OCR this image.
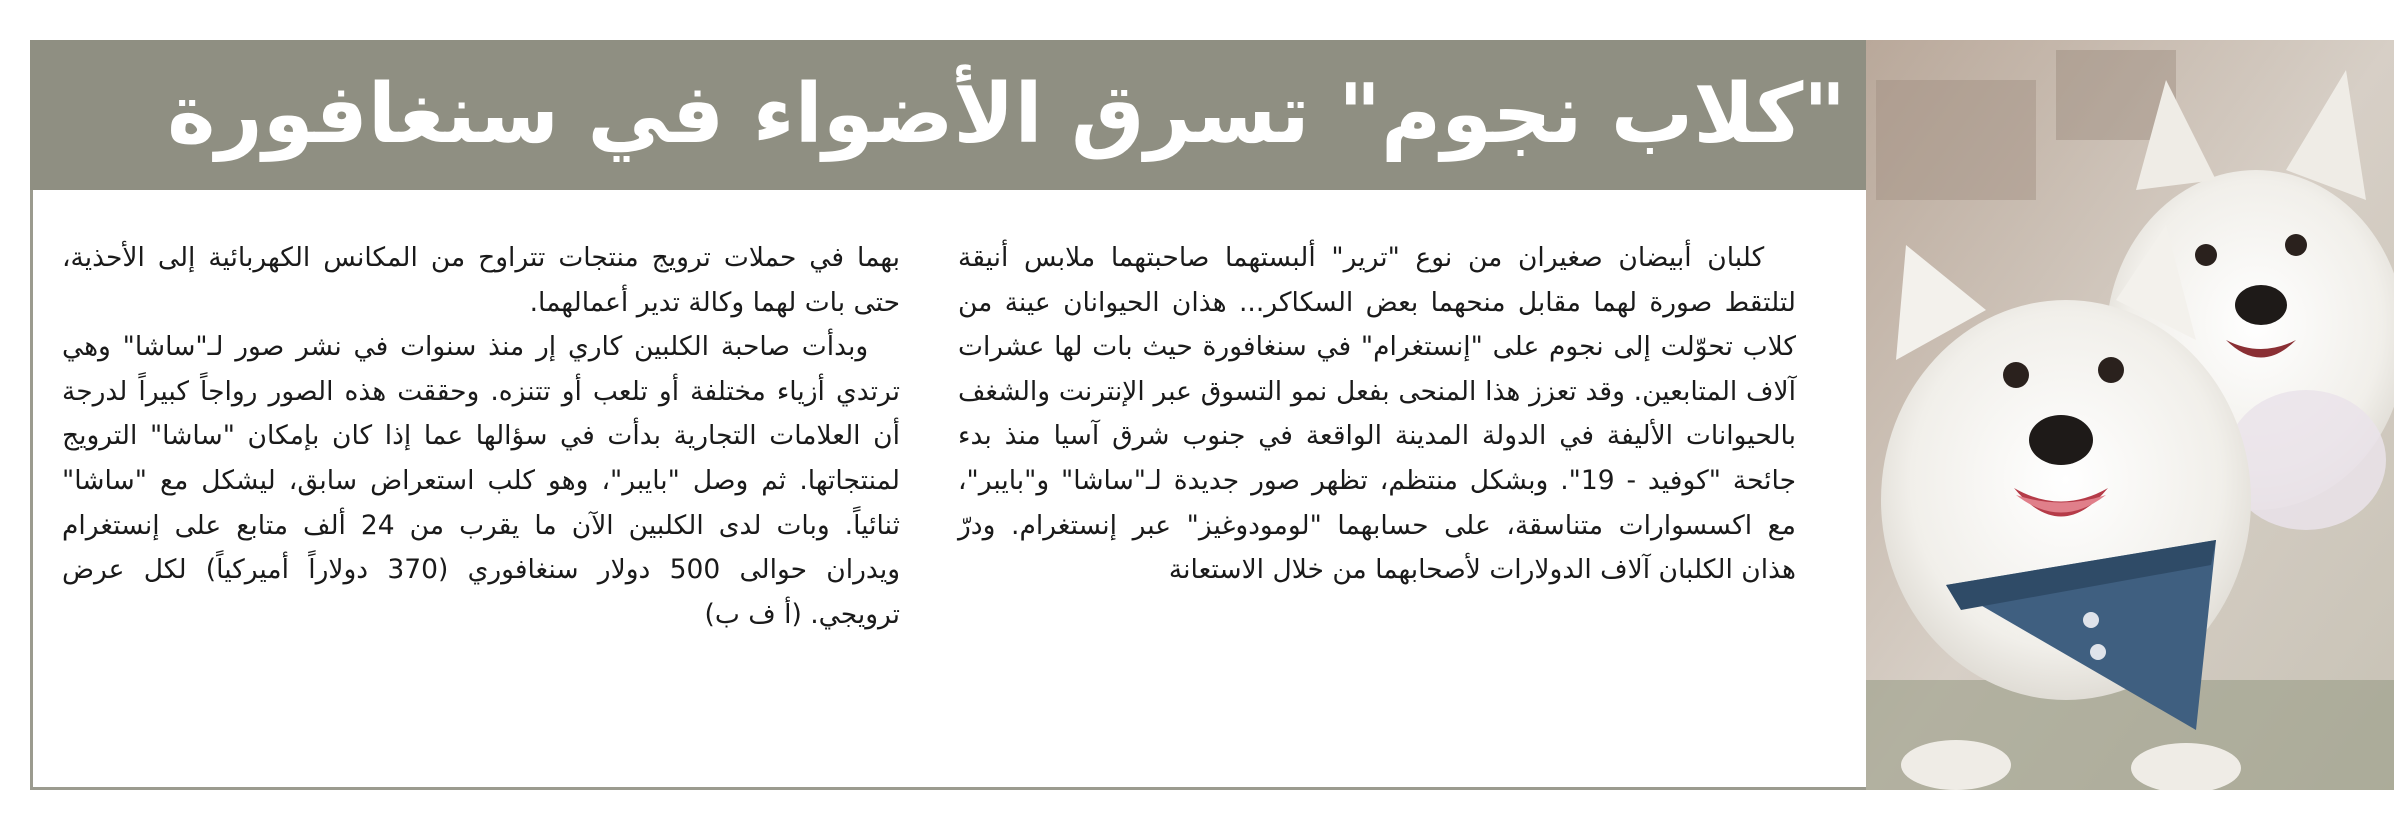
"كلاب نجوم" تسرق الأضواء في سنغافورة

كلبان أبيضان صغيران من نوع "ترير" ألبستهما صاحبتهما ملابس أنيقة لتلتقط صورة لهما مقابل منحهما بعض السكاكر... هذان الحيوانان عينة من كلاب تحوّلت إلى نجوم على "إنستغرام" في سنغافورة حيث بات لها عشرات آلاف المتابعين. وقد تعزز هذا المنحى بفعل نمو التسوق عبر الإنترنت والشغف بالحيوانات الأليفة في الدولة المدينة الواقعة في جنوب شرق آسيا منذ بدء جائحة "كوفيد - 19". وبشكل منتظم، تظهر صور جديدة لـ"ساشا" و"بايبر"، مع اكسسوارات متناسقة، على حسابهما "لومودوغيز" عبر إنستغرام. ودرّ هذان الكلبان آلاف الدولارات لأصحابهما من خلال الاستعانة

بهما في حملات ترويج منتجات تتراوح من المكانس الكهربائية إلى الأحذية، حتى بات لهما وكالة تدير أعمالهما.

وبدأت صاحبة الكلبين كاري إر منذ سنوات في نشر صور لـ"ساشا" وهي ترتدي أزياء مختلفة أو تلعب أو تتنزه. وحققت هذه الصور رواجاً كبيراً لدرجة أن العلامات التجارية بدأت في سؤالها عما إذا كان بإمكان "ساشا" الترويج لمنتجاتها. ثم وصل "بايبر"، وهو كلب استعراض سابق، ليشكل مع "ساشا" ثنائياً. وبات لدى الكلبين الآن ما يقرب من 24 ألف متابع على إنستغرام ويدران حوالى 500 دولار سنغافوري (370 دولاراً أميركياً) لكل عرض ترويجي. (أ ف ب)
